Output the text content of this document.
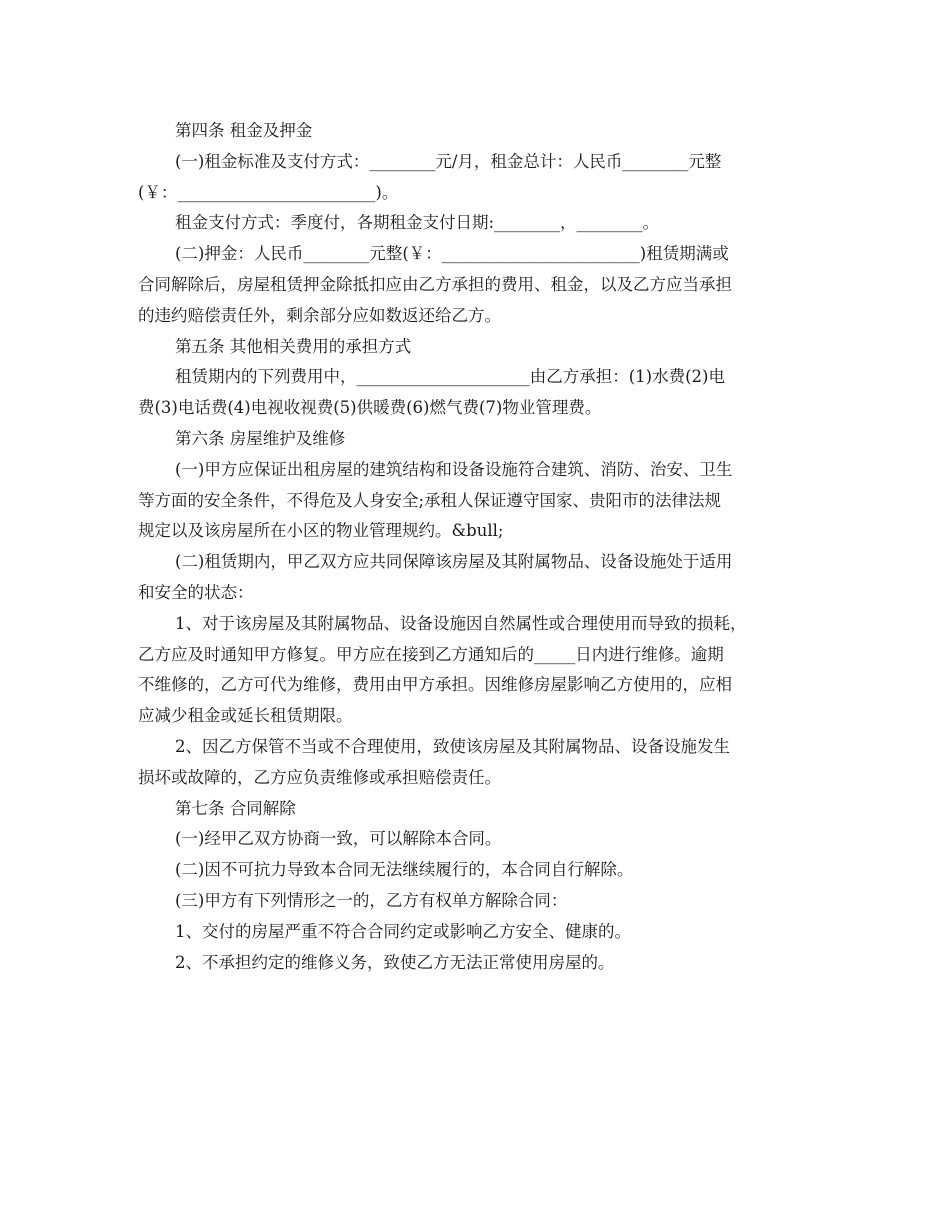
第四条 租金及押金
(一)租金标准及支付方式：________元/月，租金总计：人民币________元整
(￥：________________________)。
租金支付方式：季度付，各期租金支付日期:________，________。
(二)押金：人民币________元整(￥：________________________)租赁期满或
合同解除后，房屋租赁押金除抵扣应由乙方承担的费用、租金，以及乙方应当承担
的违约赔偿责任外，剩余部分应如数返还给乙方。
第五条 其他相关费用的承担方式
租赁期内的下列费用中，_____________________由乙方承担：(1)水费(2)电
费(3)电话费(4)电视收视费(5)供暖费(6)燃气费(7)物业管理费。
第六条 房屋维护及维修
(一)甲方应保证出租房屋的建筑结构和设备设施符合建筑、消防、治安、卫生
等方面的安全条件，不得危及人身安全;承租人保证遵守国家、贵阳市的法律法规
规定以及该房屋所在小区的物业管理规约。&bull;
(二)租赁期内，甲乙双方应共同保障该房屋及其附属物品、设备设施处于适用
和安全的状态：
1、对于该房屋及其附属物品、设备设施因自然属性或合理使用而导致的损耗，
乙方应及时通知甲方修复。甲方应在接到乙方通知后的_____日内进行维修。逾期
不维修的，乙方可代为维修，费用由甲方承担。因维修房屋影响乙方使用的，应相
应减少租金或延长租赁期限。
2、因乙方保管不当或不合理使用，致使该房屋及其附属物品、设备设施发生
损坏或故障的，乙方应负责维修或承担赔偿责任。
第七条 合同解除
(一)经甲乙双方协商一致，可以解除本合同。
(二)因不可抗力导致本合同无法继续履行的，本合同自行解除。
(三)甲方有下列情形之一的，乙方有权单方解除合同：
1、交付的房屋严重不符合合同约定或影响乙方安全、健康的。
2、不承担约定的维修义务，致使乙方无法正常使用房屋的。
